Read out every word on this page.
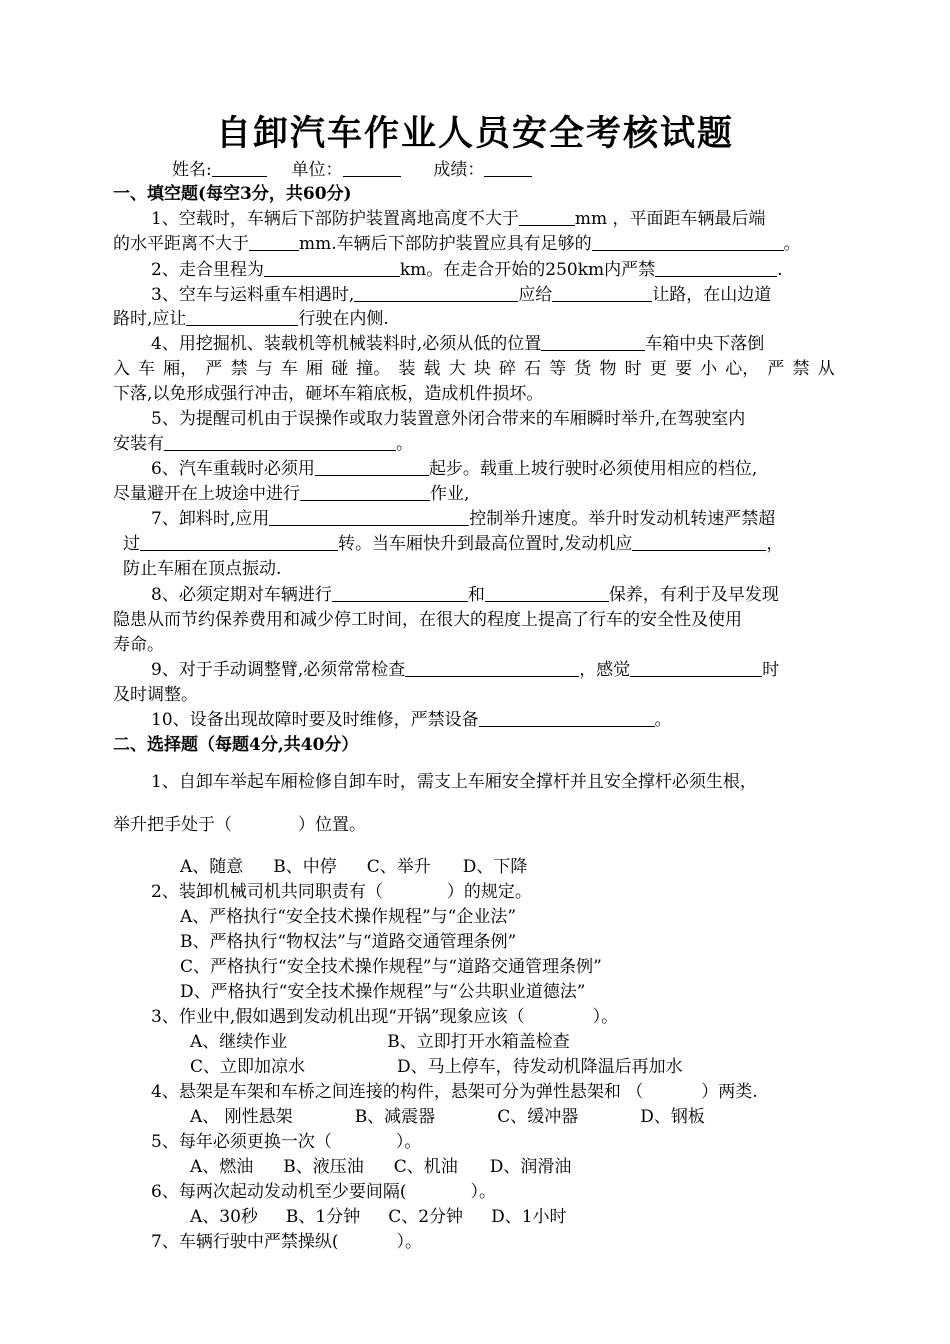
自卸汽车作业人员安全考核试题
姓名:	单位：	成绩：
一、填空题(每空3分，共60分)
1、空载时，车辆后下部防护装置离地高度不大于	mm ，平面距车辆最后端
的水平距离不大于	mm.车辆后下部防护装置应具有足够的	。
2、走合里程为	km。在走合开始的250km内严禁	.
3、空车与运料重车相遇时,	应给	让路，在山边道
路时,应让	行驶在内侧.
4、用挖掘机、装载机等机械装料时,必须从低的位置	车箱中央下落倒
入 车 厢， 严 禁 与 车 厢 碰 撞。 装 载 大 块 碎 石 等 货 物 时 更 要 小 心， 严 禁 从
下落,以免形成强行冲击，砸坏车箱底板，造成机件损坏。
5、为提醒司机由于误操作或取力装置意外闭合带来的车厢瞬时举升,在驾驶室内
安装有	。
6、汽车重载时必须用	起步。载重上坡行驶时必须使用相应的档位,
尽量避开在上坡途中进行	作业,
7、卸料时,应用	控制举升速度。举升时发动机转速严禁超
过	转。当车厢快升到最高位置时,发动机应	，
防止车厢在顶点振动.
8、必须定期对车辆进行	和	保养，有利于及早发现
隐患从而节约保养费用和减少停工时间，在很大的程度上提高了行车的安全性及使用
寿命。
9、对于手动调整臂,必须常常检查	，感觉	时
及时调整。
10、设备出现故障时要及时维修，严禁设备	。
二、选择题（每题4分,共40分）
1、自卸车举起车厢检修自卸车时，需支上车厢安全撑杆并且安全撑杆必须生根，
举升把手处于（	）位置。
A、随意 B、中停 C、举升 D、下降
2、装卸机械司机共同职责有（	）的规定。
A、严格执行“安全技术操作规程”与“企业法”
B、严格执行“物权法”与“道路交通管理条例”
C、严格执行“安全技术操作规程”与“道路交通管理条例”
D、严格执行“安全技术操作规程”与“公共职业道德法”
3、作业中,假如遇到发动机出现“开锅”现象应该（	）。
A、继续作业	B、立即打开水箱盖检查
C、立即加凉水	D、马上停车，待发动机降温后再加水
4、悬架是车架和车桥之间连接的构件，悬架可分为弹性悬架和 （	）两类.
A、 刚性悬架	B、减震器	C、缓冲器	D、钢板
5、每年必须更换一次（	）。
A、燃油 B、液压油 C、机油 D、润滑油
6、每两次起动发动机至少要间隔(	）。
A、30秒 B、1分钟 C、2分钟 D、1小时
7、车辆行驶中严禁操纵(	）。
